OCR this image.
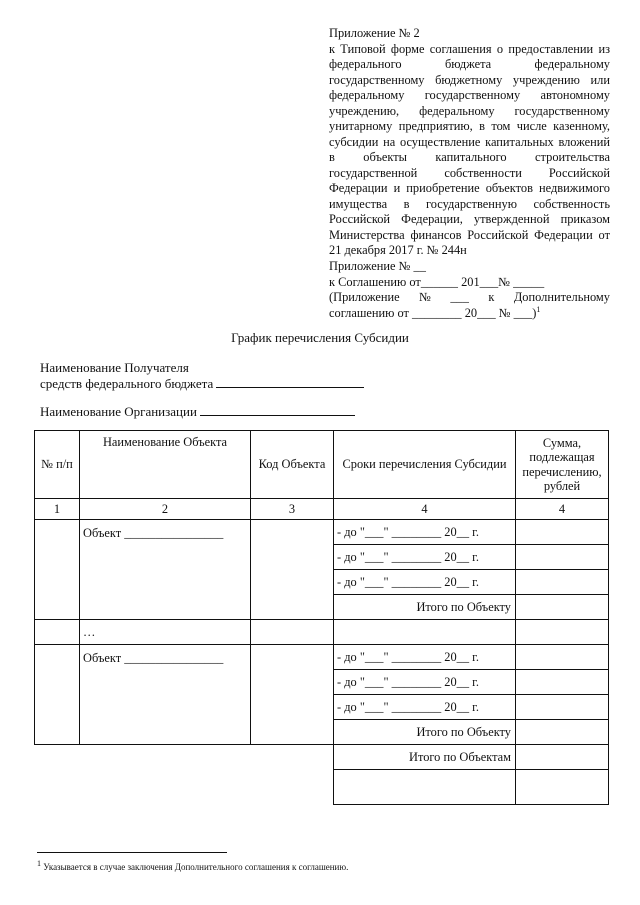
Приложение № 2
к Типовой форме соглашения о предоставлении из федерального бюджета федеральному государственному бюджетному учреждению или федеральному государственному автономному учреждению, федеральному государственному унитарному предприятию, в том числе казенному, субсидии на осуществление капитальных вложений в объекты капитального строительства государственной собственности Российской Федерации и приобретение объектов недвижимого имущества в государственную собственность Российской Федерации, утвержденной приказом Министерства финансов Российской Федерации от 21 декабря 2017 г. № 244н
Приложение № __
к Соглашению от______ 201___№ _____
(Приложение № ___ к Дополнительному
соглашению от ________ 20___ № ___)$^1$
График перечисления Субсидии
Наименование Получателя
средств федерального бюджета
Наименование Организации
№ п/п	Наименование Объекта	Код Объекта	Сроки перечисления Субсидии	Сумма, подлежащая перечислению, рублей
1	2	3	4	4
	Объект ________________		- до "___" ________ 20__ г.	
			- до "___" ________ 20__ г.	
			- до "___" ________ 20__ г.	
			Итого по Объекту	
	…			
	Объект ________________		- до "___" ________ 20__ г.	
			- до "___" ________ 20__ г.	
			- до "___" ________ 20__ г.	
			Итого по Объекту	
			Итого по Объектам	

$^1$ Указывается в случае заключения Дополнительного соглашения к соглашению.
